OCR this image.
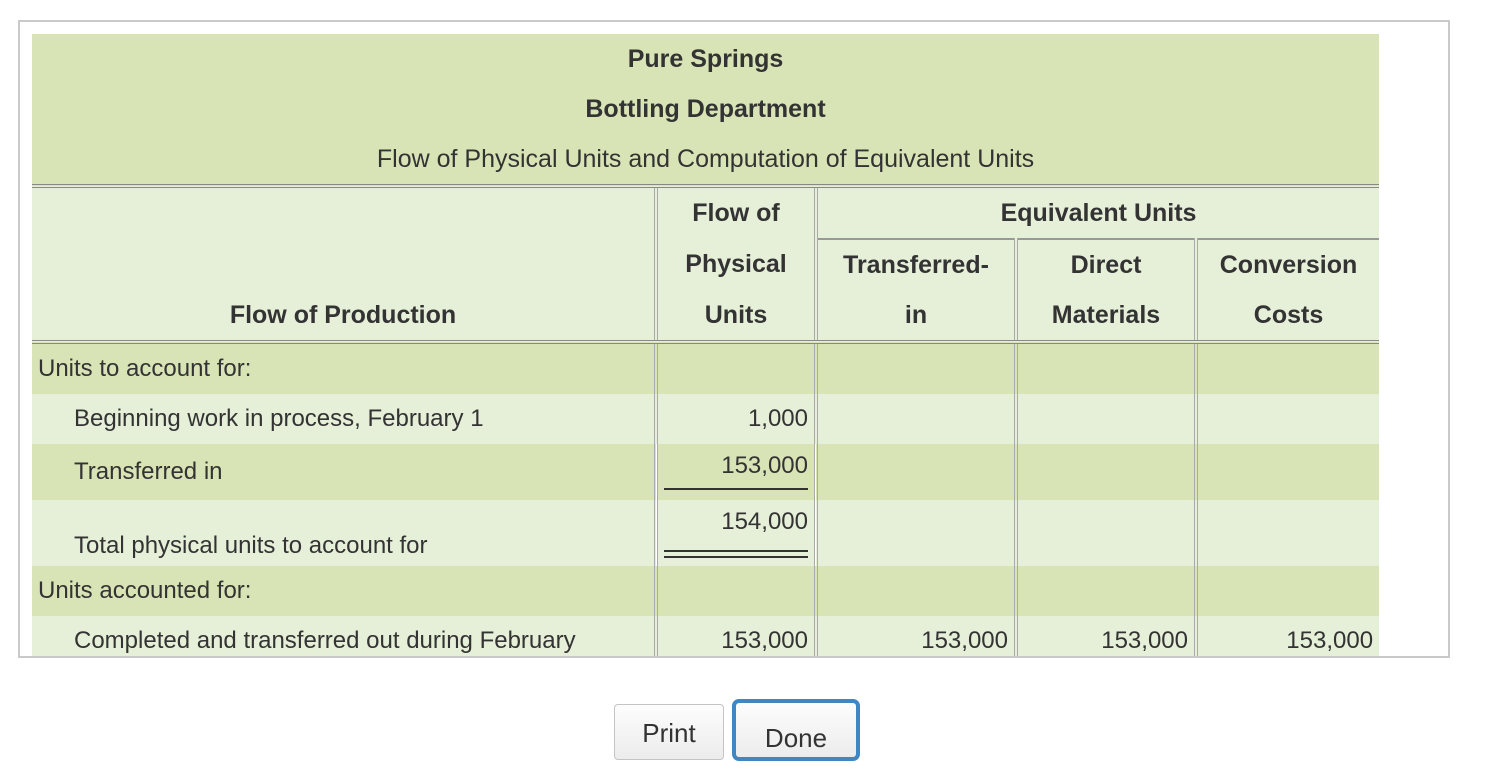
Pure Springs				
Bottling Department				
Flow of Physical Units and Computation of Equivalent Units				
Flow of Production	Flow of	Equivalent Units		
	Physical	Transferred-	Direct	Conversion
	Units	in	Materials	Costs
Units to account for:				
Beginning work in process, February 1	1,000			
Transferred in	153,000			

Total physical units to account for	154,000			

Units accounted for:				
Completed and transferred out during February	153,000	153,000	153,000	153,000
Print	Done
